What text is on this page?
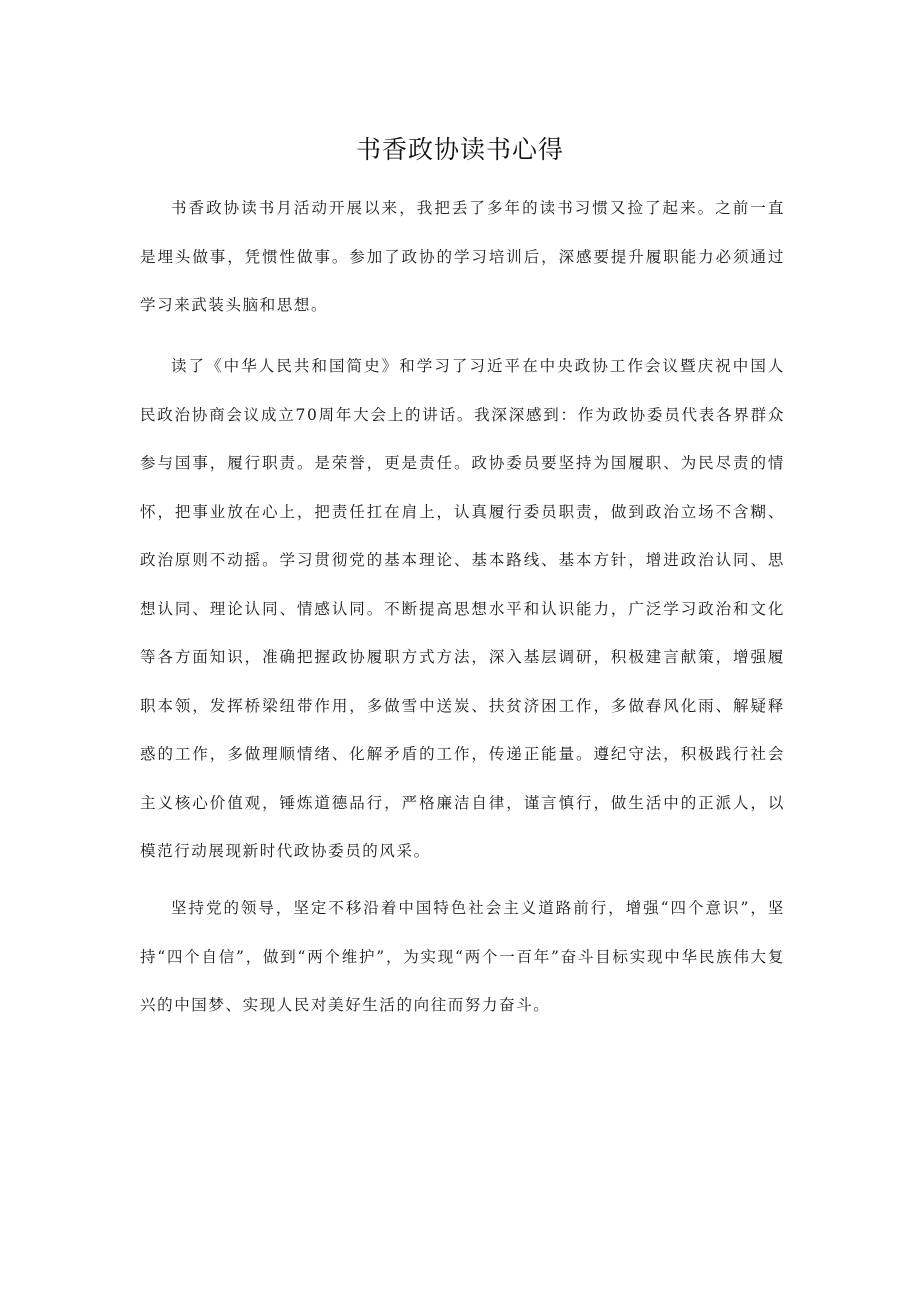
书香政协读书心得

书香政协读书月活动开展以来，我把丢了多年的读书习惯又捡了起来。之前一直是埋头做事，凭惯性做事。参加了政协的学习培训后，深感要提升履职能力必须通过学习来武装头脑和思想。

读了《中华人民共和国简史》和学习了习近平在中央政协工作会议暨庆祝中国人民政治协商会议成立70周年大会上的讲话。我深深感到：作为政协委员代表各界群众参与国事，履行职责。是荣誉，更是责任。政协委员要坚持为国履职、为民尽责的情怀，把事业放在心上，把责任扛在肩上，认真履行委员职责，做到政治立场不含糊、政治原则不动摇。学习贯彻党的基本理论、基本路线、基本方针，增进政治认同、思想认同、理论认同、情感认同。不断提高思想水平和认识能力，广泛学习政治和文化等各方面知识，准确把握政协履职方式方法，深入基层调研，积极建言献策，增强履职本领，发挥桥梁纽带作用，多做雪中送炭、扶贫济困工作，多做春风化雨、解疑释惑的工作，多做理顺情绪、化解矛盾的工作，传递正能量。遵纪守法，积极践行社会主义核心价值观，锤炼道德品行，严格廉洁自律，谨言慎行，做生活中的正派人，以模范行动展现新时代政协委员的风采。

坚持党的领导，坚定不移沿着中国特色社会主义道路前行，增强“四个意识”，坚持“四个自信”，做到“两个维护”，为实现“两个一百年”奋斗目标实现中华民族伟大复兴的中国梦、实现人民对美好生活的向往而努力奋斗。
